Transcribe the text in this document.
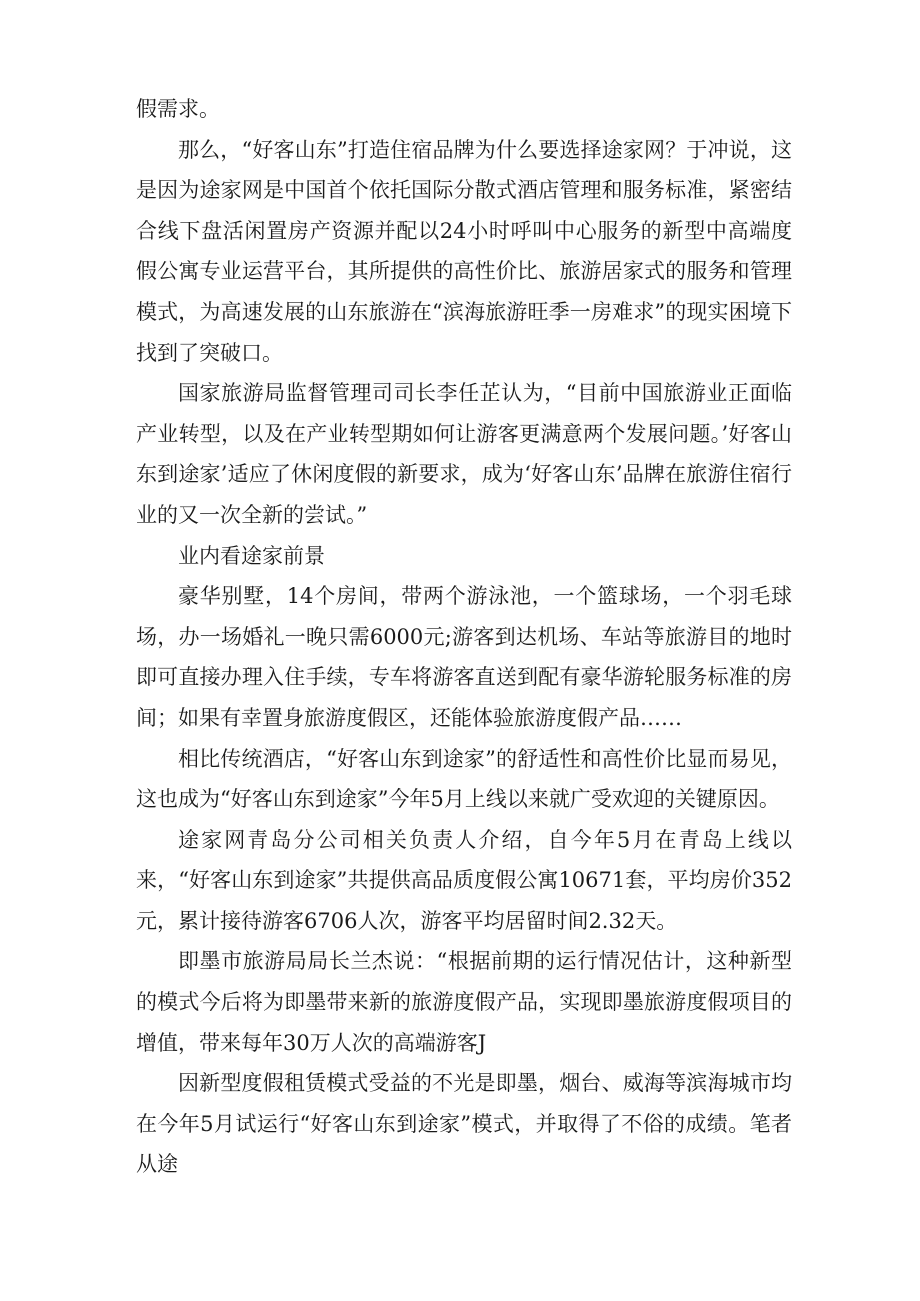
假需求。

那么，“好客山东”打造住宿品牌为什么要选择途家网？于冲说，这是因为途家网是中国首个依托国际分散式酒店管理和服务标准，紧密结合线下盘活闲置房产资源并配以24小时呼叫中心服务的新型中高端度假公寓专业运营平台，其所提供的高性价比、旅游居家式的服务和管理模式，为高速发展的山东旅游在“滨海旅游旺季一房难求”的现实困境下找到了突破口。

国家旅游局监督管理司司长李任芷认为，“目前中国旅游业正面临产业转型，以及在产业转型期如何让游客更满意两个发展问题。’好客山东到途家’适应了休闲度假的新要求，成为‘好客山东’品牌在旅游住宿行业的又一次全新的尝试。”

业内看途家前景

豪华别墅，14个房间，带两个游泳池，一个篮球场，一个羽毛球场，办一场婚礼一晚只需6000元;游客到达机场、车站等旅游目的地时即可直接办理入住手续，专车将游客直送到配有豪华游轮服务标准的房间；如果有幸置身旅游度假区，还能体验旅游度假产品……

相比传统酒店，“好客山东到途家”的舒适性和高性价比显而易见，这也成为“好客山东到途家”今年5月上线以来就广受欢迎的关键原因。

途家网青岛分公司相关负责人介绍，自今年5月在青岛上线以来，“好客山东到途家”共提供高品质度假公寓10671套，平均房价352元，累计接待游客6706人次，游客平均居留时间2.32天。

即墨市旅游局局长兰杰说：“根据前期的运行情况估计，这种新型的模式今后将为即墨带来新的旅游度假产品，实现即墨旅游度假项目的增值，带来每年30万人次的高端游客J

因新型度假租赁模式受益的不光是即墨，烟台、威海等滨海城市均在今年5月试运行“好客山东到途家”模式，并取得了不俗的成绩。笔者从途
